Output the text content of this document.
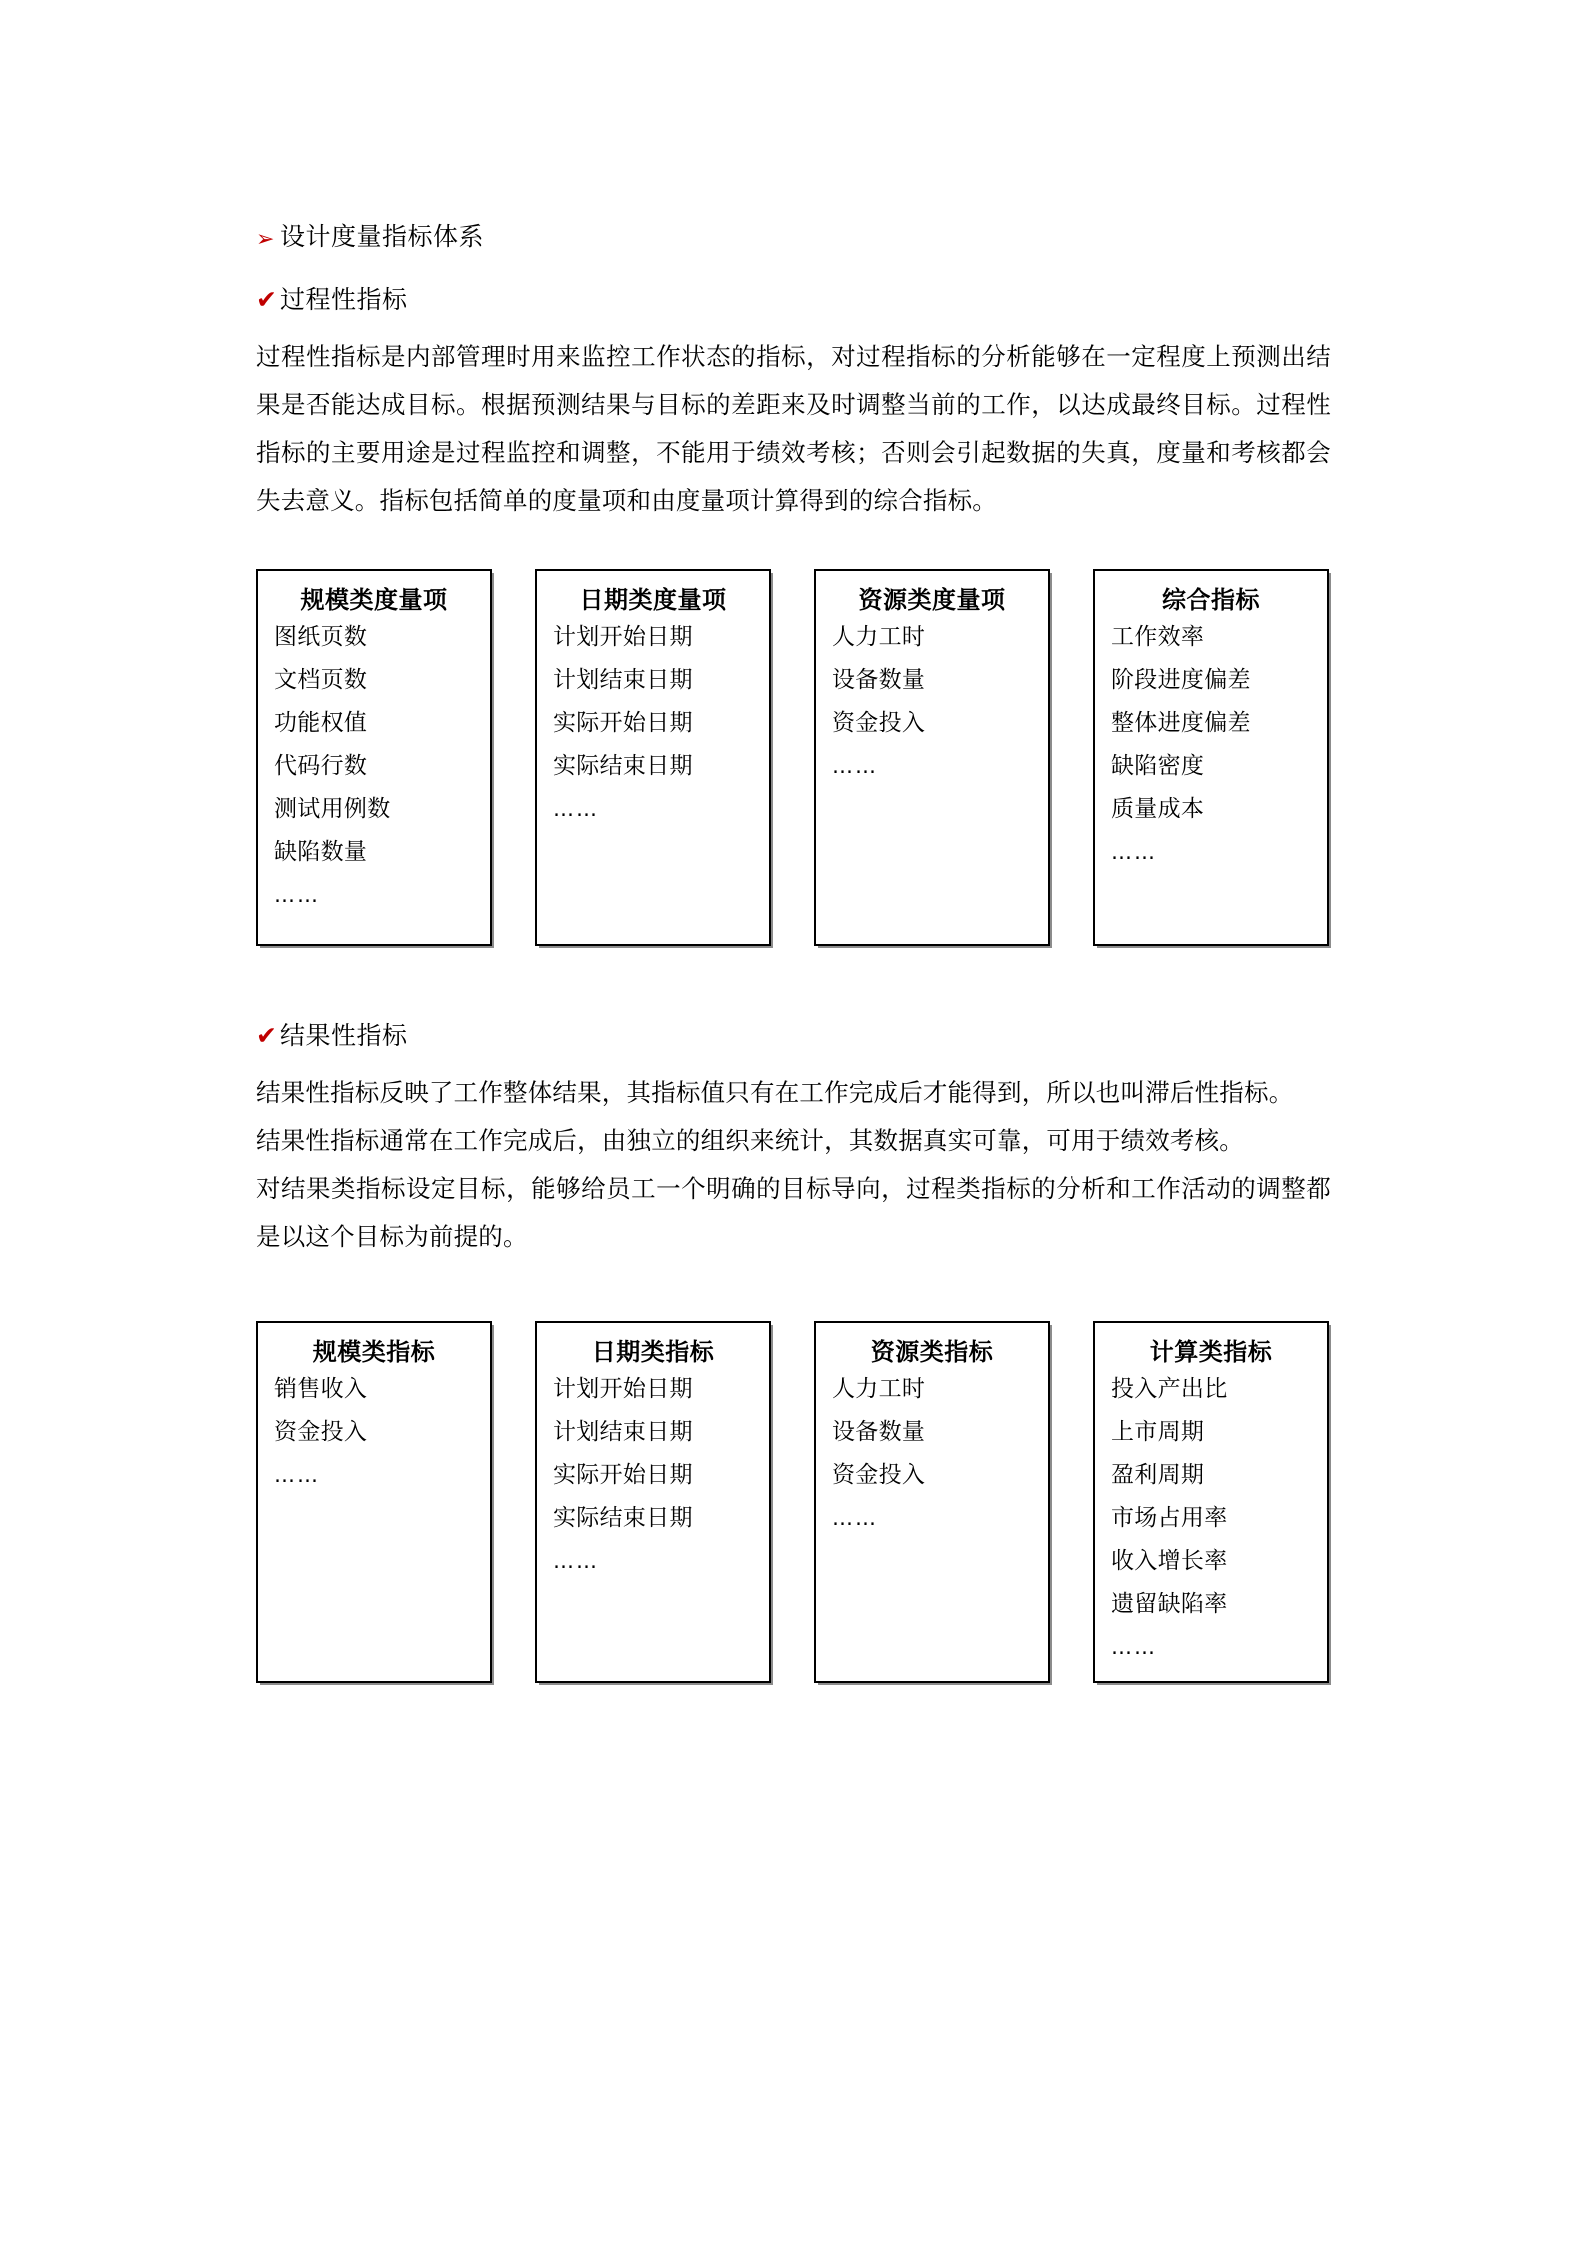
➢ 设计度量指标体系
✔ 过程性指标

过程性指标是内部管理时用来监控工作状态的指标，对过程指标的分析能够在一定程度上预测出结果是否能达成目标。根据预测结果与目标的差距来及时调整当前的工作，以达成最终目标。过程性指标的主要用途是过程监控和调整，不能用于绩效考核；否则会引起数据的失真，度量和考核都会失去意义。指标包括简单的度量项和由度量项计算得到的综合指标。

规模类度量项
图纸页数
文档页数
功能权值
代码行数
测试用例数
缺陷数量
……
日期类度量项
计划开始日期
计划结束日期
实际开始日期
实际结束日期
……
资源类度量项
人力工时
设备数量
资金投入
……
综合指标
工作效率
阶段进度偏差
整体进度偏差
缺陷密度
质量成本
……
✔ 结果性指标

结果性指标反映了工作整体结果，其指标值只有在工作完成后才能得到，所以也叫滞后性指标。

结果性指标通常在工作完成后，由独立的组织来统计，其数据真实可靠，可用于绩效考核。

对结果类指标设定目标，能够给员工一个明确的目标导向，过程类指标的分析和工作活动的调整都是以这个目标为前提的。

规模类指标
销售收入
资金投入
……
日期类指标
计划开始日期
计划结束日期
实际开始日期
实际结束日期
……
资源类指标
人力工时
设备数量
资金投入
……
计算类指标
投入产出比
上市周期
盈利周期
市场占用率
收入增长率
遗留缺陷率
……
